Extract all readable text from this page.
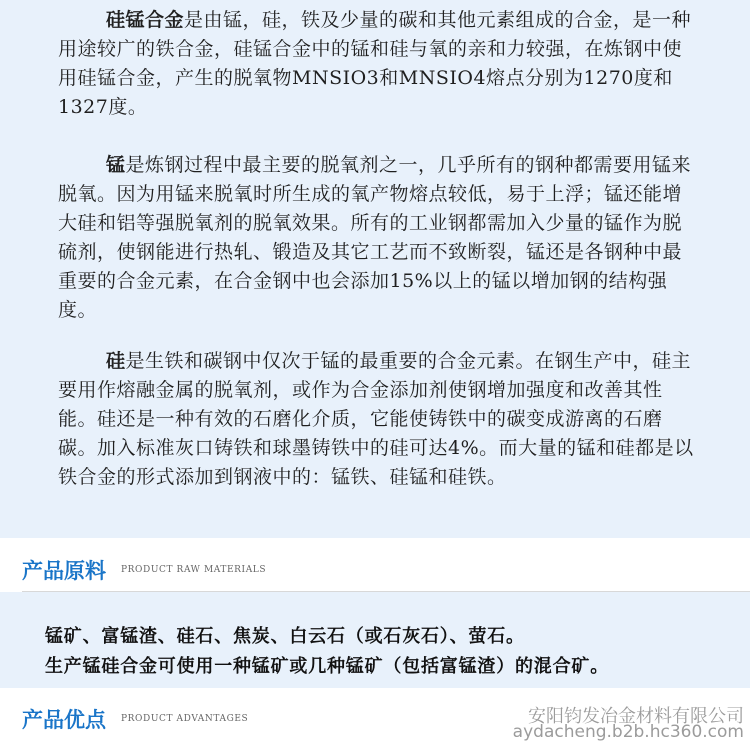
硅锰合金是由锰，硅，铁及少量的碳和其他元素组成的合金，是一种用途较广的铁合金，硅锰合金中的锰和硅与氧的亲和力较强，在炼钢中使用硅锰合金，产生的脱氧物MNSIO3和MNSIO4熔点分别为1270度和1327度。

锰是炼钢过程中最主要的脱氧剂之一，几乎所有的钢种都需要用锰来脱氧。因为用锰来脱氧时所生成的氧产物熔点较低，易于上浮；锰还能增大硅和铝等强脱氧剂的脱氧效果。所有的工业钢都需加入少量的锰作为脱硫剂，使钢能进行热轧、锻造及其它工艺而不致断裂，锰还是各钢种中最重要的合金元素，在合金钢中也会添加15%以上的锰以增加钢的结构强度。

硅是生铁和碳钢中仅次于锰的最重要的合金元素。在钢生产中，硅主要用作熔融金属的脱氧剂，或作为合金添加剂使钢增加强度和改善其性能。硅还是一种有效的石磨化介质，它能使铸铁中的碳变成游离的石磨碳。加入标准灰口铸铁和球墨铸铁中的硅可达4%。而大量的锰和硅都是以铁合金的形式添加到钢液中的：锰铁、硅锰和硅铁。

产品原料 PRODUCT RAW MATERIALS
锰矿、富锰渣、硅石、焦炭、白云石（或石灰石）、萤石。
生产锰硅合金可使用一种锰矿或几种锰矿（包括富锰渣）的混合矿。
产品优点 PRODUCT ADVANTAGES	安阳钧发冶金材料有限公司
aydacheng.b2b.hc360.com
